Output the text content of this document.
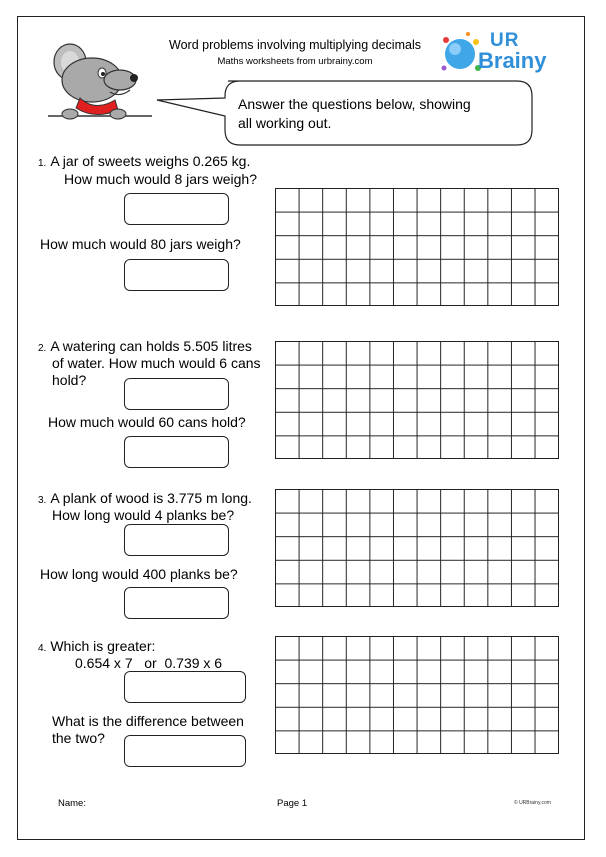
Word problems involving multiplying decimals
Maths worksheets from urbrainy.com
UR
Brainy
Answer the questions below, showing
all working out.
1. A jar of sweets weighs 0.265 kg.
How much would 8 jars weigh?
How much would 80 jars weigh?
2. A watering can holds 5.505 litres
of water. How much would 6 cans
hold?
How much would 60 cans hold?
3. A plank of wood is 3.775 m long.
How long would 4 planks be?
How long would 400 planks be?
4. Which is greater:
0.654 x 7   or  0.739 x 6
What is the difference between
the two?
Name:	Page 1	© URBrainy.com
